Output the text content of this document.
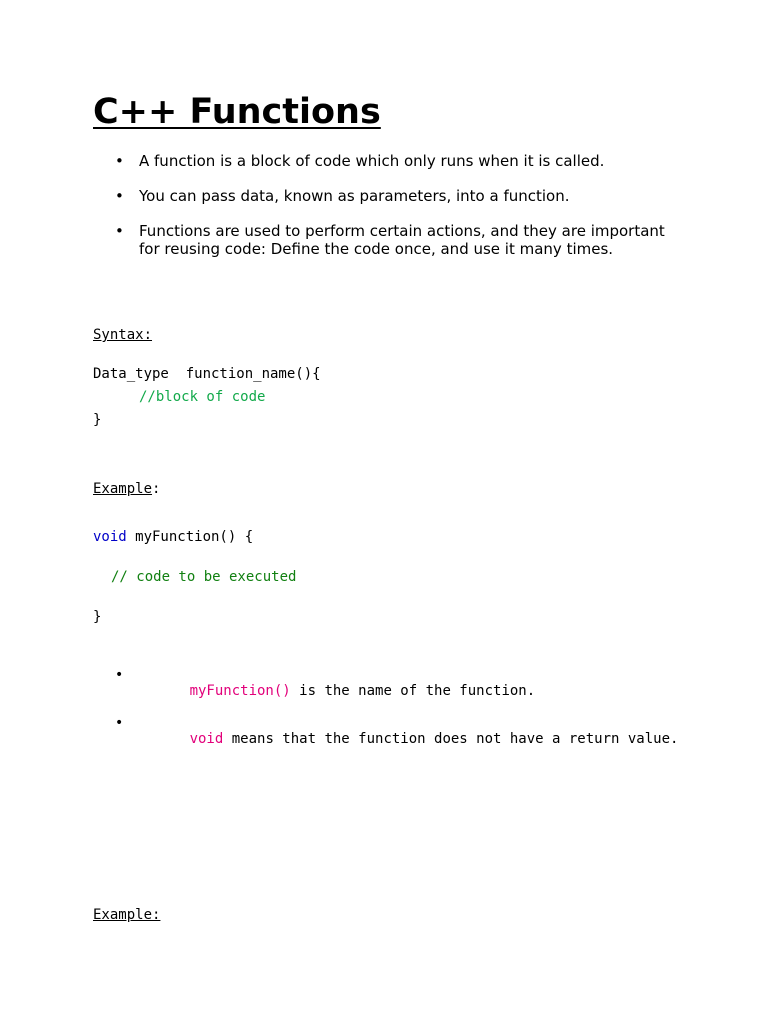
C++ Functions
• A function is a block of code which only runs when it is called.
• You can pass data, known as parameters, into a function.
• Functions are used to perform certain actions, and they are important for reusing code: Define the code once, and use it many times.
Syntax:
Data_type  function_name(){
//block of code
}
Example:
void myFunction() {
// code to be executed
}

•
myFunction() is the name of the function.

•
void means that the function does not have a return value.

Example:
